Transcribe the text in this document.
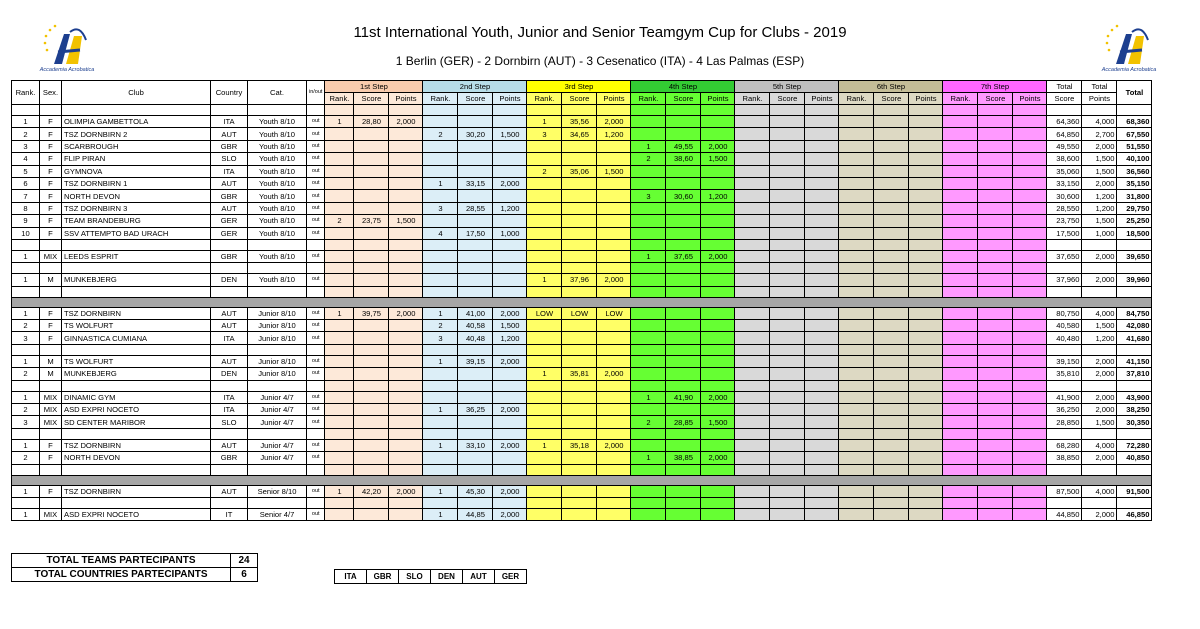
Accademia Acrobatica	Accademia Acrobatica
11st International Youth, Junior and Senior Teamgym Cup for Clubs - 2019
1 Berlin (GER) - 2 Dornbirn (AUT) - 3 Cesenatico (ITA) - 4 Las Palmas (ESP)
Rank.	Sex.	Club	Country	Cat.	in/out	1st Step			2nd Step			3rd Step			4th Step			5th Step			6th Step			7th Step			Total	Total	Total
						Rank.	Score	Points	Rank.	Score	Points	Rank.	Score	Points	Rank.	Score	Points	Rank.	Score	Points	Rank.	Score	Points	Rank.	Score	Points	Score	Points	

1	F	OLIMPIA GAMBETTOLA	ITA	Youth 8/10	out	1	28,80	2,000				1	35,56	2,000													64,360	4,000	68,360
2	F	TSZ DORNBIRN 2	AUT	Youth 8/10	out				2	30,20	1,500	3	34,65	1,200													64,850	2,700	67,550
3	F	SCARBROUGH	GBR	Youth 8/10	out										1	49,55	2,000										49,550	2,000	51,550
4	F	FLIP PIRAN	SLO	Youth 8/10	out										2	38,60	1,500										38,600	1,500	40,100
5	F	GYMNOVA	ITA	Youth 8/10	out							2	35,06	1,500													35,060	1,500	36,560
6	F	TSZ DORNBIRN 1	AUT	Youth 8/10	out				1	33,15	2,000																33,150	2,000	35,150
7	F	NORTH DEVON	GBR	Youth 8/10	out										3	30,60	1,200										30,600	1,200	31,800
8	F	TSZ DORNBIRN 3	AUT	Youth 8/10	out				3	28,55	1,200																28,550	1,200	29,750
9	F	TEAM BRANDEBURG	GER	Youth 8/10	out	2	23,75	1,500																			23,750	1,500	25,250
10	F	SSV ATTEMPTO BAD URACH	GER	Youth 8/10	out				4	17,50	1,000																17,500	1,000	18,500

1	MIX	LEEDS ESPRIT	GBR	Youth 8/10	out										1	37,65	2,000										37,650	2,000	39,650

1	M	MUNKEBJERG	DEN	Youth 8/10	out							1	37,96	2,000													37,960	2,000	39,960

1	F	TSZ DORNBIRN	AUT	Junior 8/10	out	1	39,75	2,000	1	41,00	2,000	LOW	LOW	LOW													80,750	4,000	84,750
2	F	TS WOLFURT	AUT	Junior 8/10	out				2	40,58	1,500																40,580	1,500	42,080
3	F	GINNASTICA CUMIANA	ITA	Junior 8/10	out				3	40,48	1,200																40,480	1,200	41,680

1	M	TS WOLFURT	AUT	Junior 8/10	out				1	39,15	2,000																39,150	2,000	41,150
2	M	MUNKEBJERG	DEN	Junior 8/10	out							1	35,81	2,000													35,810	2,000	37,810

1	MIX	DINAMIC GYM	ITA	Junior 4/7	out										1	41,90	2,000										41,900	2,000	43,900
2	MIX	ASD EXPRI NOCETO	ITA	Junior 4/7	out				1	36,25	2,000																36,250	2,000	38,250
3	MIX	SD CENTER MARIBOR	SLO	Junior 4/7	out										2	28,85	1,500										28,850	1,500	30,350

1	F	TSZ DORNBIRN	AUT	Junior 4/7	out				1	33,10	2,000	1	35,18	2,000													68,280	4,000	72,280
2	F	NORTH DEVON	GBR	Junior 4/7	out										1	38,85	2,000										38,850	2,000	40,850

1	F	TSZ DORNBIRN	AUT	Senior 8/10	out	1	42,20	2,000	1	45,30	2,000																87,500	4,000	91,500

1	MIX	ASD EXPRI NOCETO	IT	Senior 4/7	out				1	44,85	2,000																44,850	2,000	46,850
TOTAL TEAMS PARTECIPANTS	24
TOTAL COUNTRIES PARTECIPANTS	6	ITA	GBR	SLO	DEN	AUT	GER
